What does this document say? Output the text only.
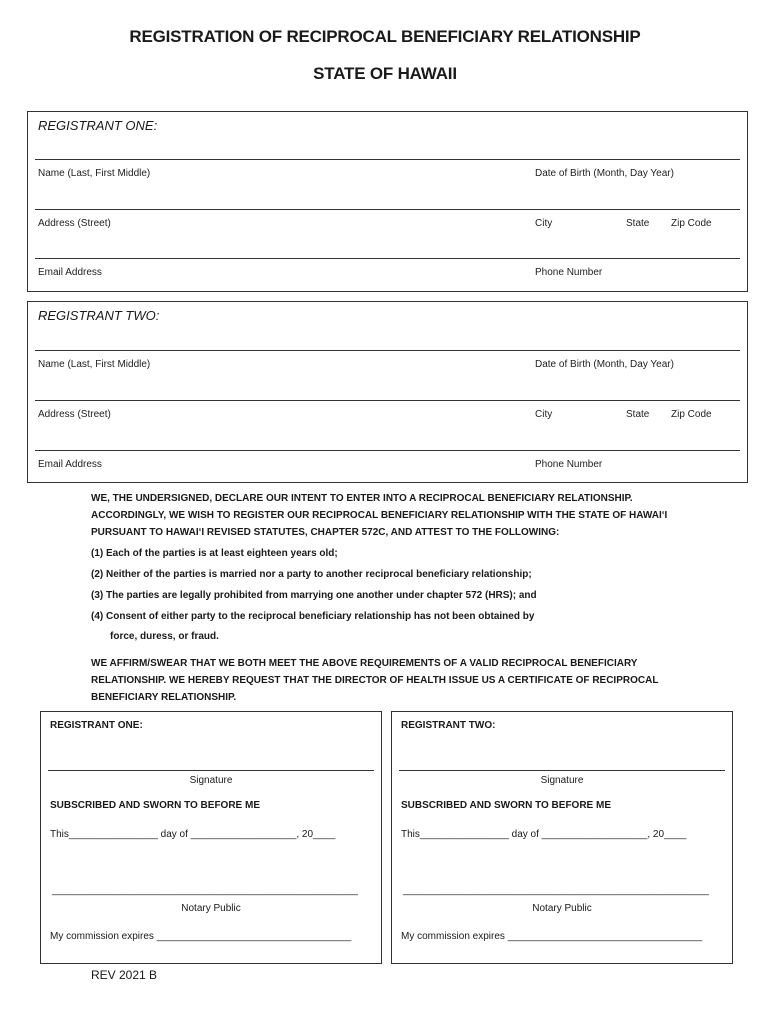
REGISTRATION OF RECIPROCAL BENEFICIARY RELATIONSHIP
STATE OF HAWAII
REGISTRANT ONE:
Name (Last, First Middle)	Date of Birth (Month, Day Year)
Address (Street)	City	State Zip Code
Email Address	Phone Number
REGISTRANT TWO:
Name (Last, First Middle)	Date of Birth (Month, Day Year)
Address (Street)	City	State Zip Code
Email Address	Phone Number
WE, THE UNDERSIGNED, DECLARE OUR INTENT TO ENTER INTO A RECIPROCAL BENEFICIARY RELATIONSHIP. ACCORDINGLY, WE WISH TO REGISTER OUR RECIPROCAL BENEFICIARY RELATIONSHIP WITH THE STATE OF HAWAI‘I PURSUANT TO HAWAI‘I REVISED STATUTES, CHAPTER 572C, AND ATTEST TO THE FOLLOWING:
(1) Each of the parties is at least eighteen years old;
(2) Neither of the parties is married nor a party to another reciprocal beneficiary relationship;
(3) The parties are legally prohibited from marrying one another under chapter 572 (HRS); and
(4) Consent of either party to the reciprocal beneficiary relationship has not been obtained by
force, duress, or fraud.
WE AFFIRM/SWEAR THAT WE BOTH MEET THE ABOVE REQUIREMENTS OF A VALID RECIPROCAL BENEFICIARY RELATIONSHIP. WE HEREBY REQUEST THAT THE DIRECTOR OF HEALTH ISSUE US A CERTIFICATE OF RECIPROCAL BENEFICIARY RELATIONSHIP.
REGISTRANT ONE:
Signature
SUBSCRIBED AND SWORN TO BEFORE ME
This________________ day of ___________________, 20____
_______________________________________________________
Notary Public
My commission expires ___________________________________
REGISTRANT TWO:
Signature
SUBSCRIBED AND SWORN TO BEFORE ME
This________________ day of ___________________, 20____
_______________________________________________________
Notary Public
My commission expires ___________________________________
REV 2021 B
